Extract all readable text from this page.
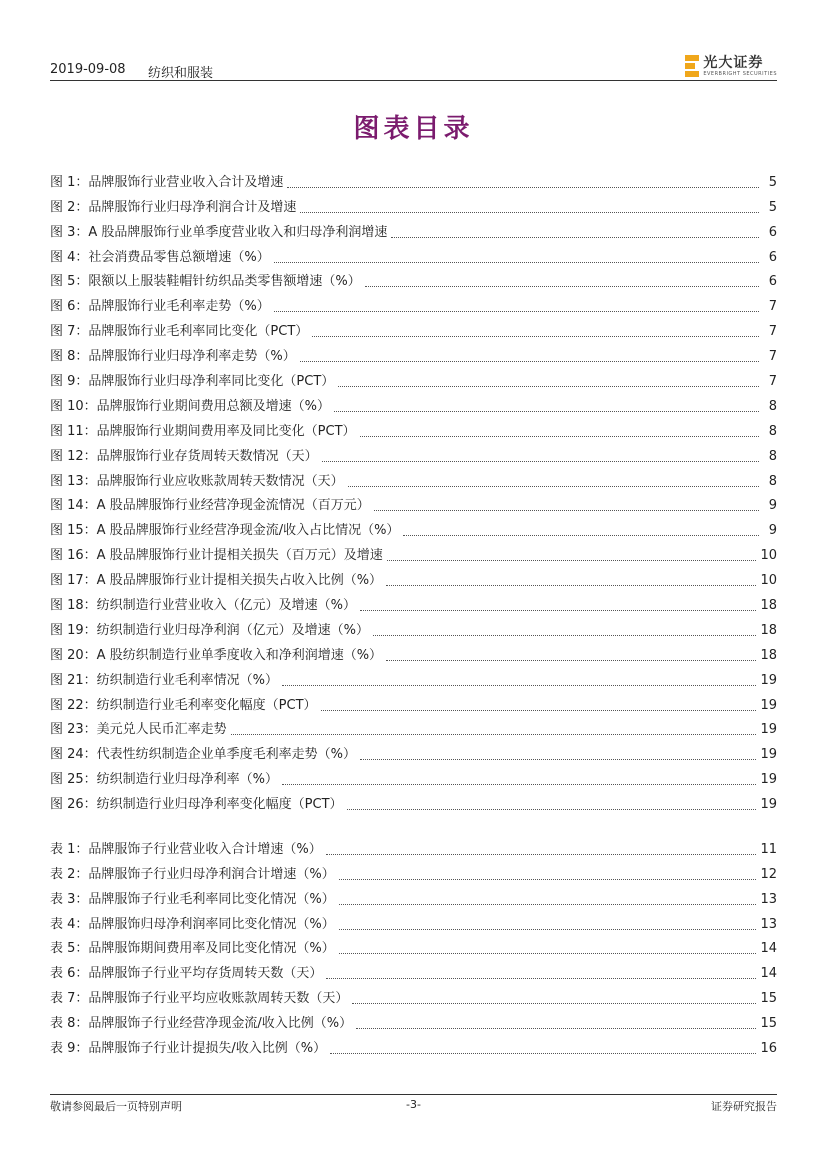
2019-09-08 纺织和服装
光大证券
EVERBRIGHT SECURITIES
图表目录
图 1：品牌服饰行业营业收入合计及增速	5
图 2：品牌服饰行业归母净利润合计及增速	5
图 3：A 股品牌服饰行业单季度营业收入和归母净利润增速	6
图 4：社会消费品零售总额增速（%）	6
图 5：限额以上服装鞋帽针纺织品类零售额增速（%）	6
图 6：品牌服饰行业毛利率走势（%）	7
图 7：品牌服饰行业毛利率同比变化（PCT）	7
图 8：品牌服饰行业归母净利率走势（%）	7
图 9：品牌服饰行业归母净利率同比变化（PCT）	7
图 10：品牌服饰行业期间费用总额及增速（%）	8
图 11：品牌服饰行业期间费用率及同比变化（PCT）	8
图 12：品牌服饰行业存货周转天数情况（天）	8
图 13：品牌服饰行业应收账款周转天数情况（天）	8
图 14：A 股品牌服饰行业经营净现金流情况（百万元）	9
图 15：A 股品牌服饰行业经营净现金流/收入占比情况（%）	9
图 16：A 股品牌服饰行业计提相关损失（百万元）及增速	10
图 17：A 股品牌服饰行业计提相关损失占收入比例（%）	10
图 18：纺织制造行业营业收入（亿元）及增速（%）	18
图 19：纺织制造行业归母净利润（亿元）及增速（%）	18
图 20：A 股纺织制造行业单季度收入和净利润增速（%）	18
图 21：纺织制造行业毛利率情况（%）	19
图 22：纺织制造行业毛利率变化幅度（PCT）	19
图 23：美元兑人民币汇率走势	19
图 24：代表性纺织制造企业单季度毛利率走势（%）	19
图 25：纺织制造行业归母净利率（%）	19
图 26：纺织制造行业归母净利率变化幅度（PCT）	19
表 1：品牌服饰子行业营业收入合计增速（%）	11
表 2：品牌服饰子行业归母净利润合计增速（%）	12
表 3：品牌服饰子行业毛利率同比变化情况（%）	13
表 4：品牌服饰归母净利润率同比变化情况（%）	13
表 5：品牌服饰期间费用率及同比变化情况（%）	14
表 6：品牌服饰子行业平均存货周转天数（天）	14
表 7：品牌服饰子行业平均应收账款周转天数（天）	15
表 8：品牌服饰子行业经营净现金流/收入比例（%）	15
表 9：品牌服饰子行业计提损失/收入比例（%）	16
敬请参阅最后一页特别声明	-3-	证券研究报告
